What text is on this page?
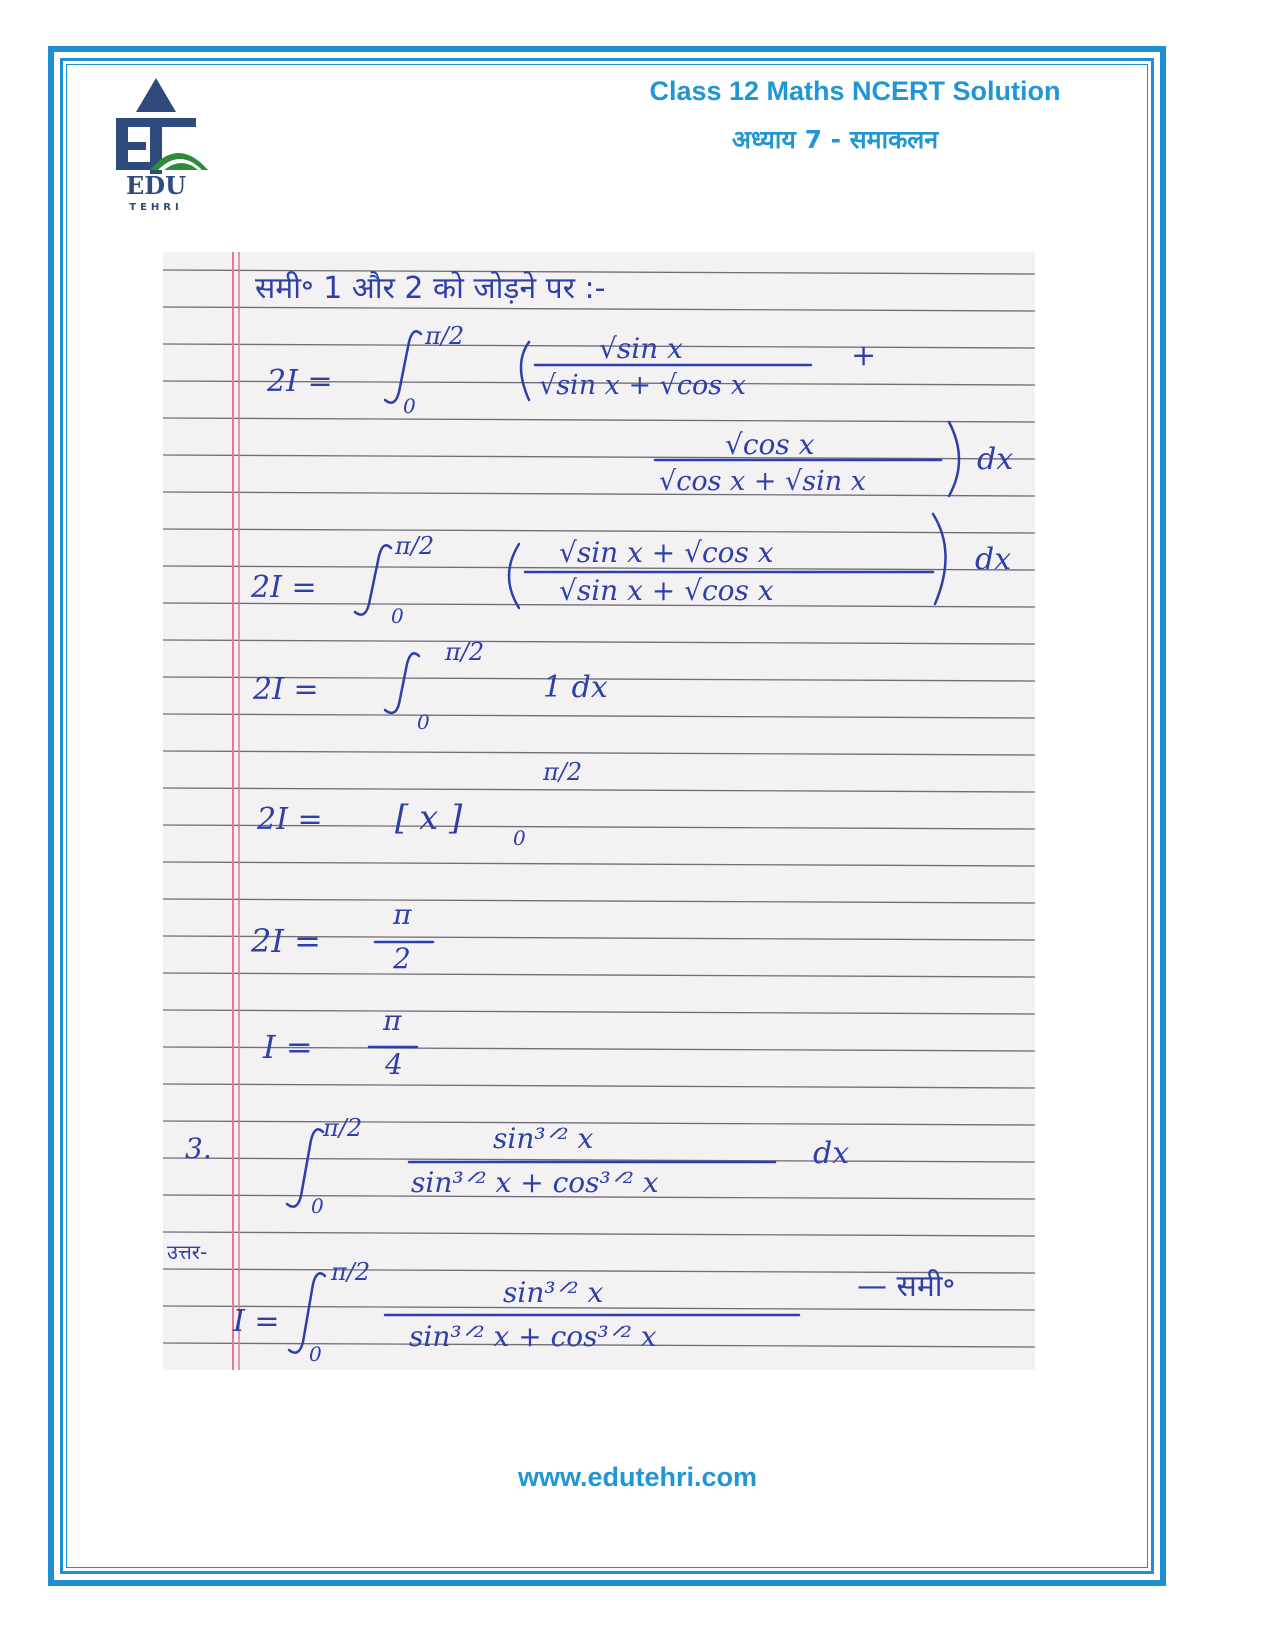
EDU
TEHRI
Class 12 Maths NCERT Solution
अध्याय 7 - समाकलन
समी॰ 1 और 2 को जोड़ने पर :-
2I =
π/2
0
√sin x
√sin x + √cos x
+
√cos x
√cos x + √sin x
dx
2I =
π/2
0
√sin x + √cos x
√sin x + √cos x
dx
2I =
π/2
0
1 dx
2I = [ x ]
π/2
0
2I =
π
2
I =
π
4
3.
π/2
0
sin³ᐟ² x
sin³ᐟ² x + cos³ᐟ² x
dx
उत्तर-
I =
π/2
0
sin³ᐟ² x
sin³ᐟ² x + cos³ᐟ² x
— समी॰
www.edutehri.com
